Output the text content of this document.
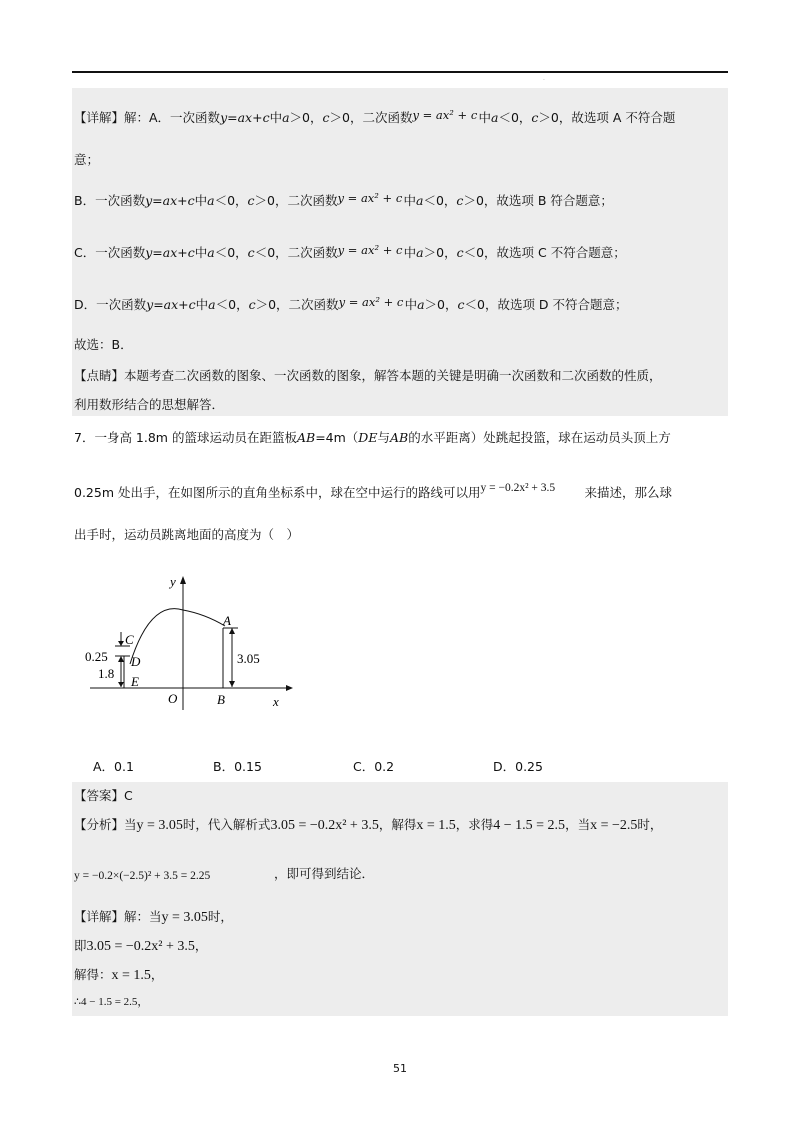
·
【详解】解：A．一次函数y=ax+c中a＞0，c＞0，二次函数 y = ax² + c 中a＜0，c＞0，故选项 A 不符合题
意；
B．一次函数y=ax+c中a＜0，c＞0，二次函数 y = ax² + c 中a＜0，c＞0，故选项 B 符合题意；
C．一次函数y=ax+c中a＜0，c＜0，二次函数 y = ax² + c 中a＞0，c＜0，故选项 C 不符合题意；
D．一次函数y=ax+c中a＜0，c＞0，二次函数 y = ax² + c 中a＞0，c＜0，故选项 D 不符合题意；
故选：B．
【点睛】本题考查二次函数的图象、一次函数的图象，解答本题的关键是明确一次函数和二次函数的性质，
利用数形结合的思想解答．
7．一身高 1.8m 的篮球运动员在距篮板AB=4m（DE与AB的水平距离）处跳起投篮，球在运动员头顶上方
0.25m 处出手，在如图所示的直角坐标系中，球在空中运行的路线可以用 y = −0.2x² + 3.5 来描述，那么球
出手时，运动员跳离地面的高度为（　）
y
x
O
3.05
A
B
C
D
E
0.25
1.8
A．0.1	B．0.15	C．0.2	D．0.25
【答案】C
【分析】当y = 3.05时，代入解析式3.05 = −0.2x² + 3.5，解得x = 1.5，求得4 − 1.5 = 2.5，当x = −2.5时，
y = −0.2×(−2.5)² + 3.5 = 2.25	，即可得到结论．
【详解】解：当y = 3.05时，
即3.05 = −0.2x² + 3.5，
解得：x = 1.5，
∴4 − 1.5 = 2.5，
51
